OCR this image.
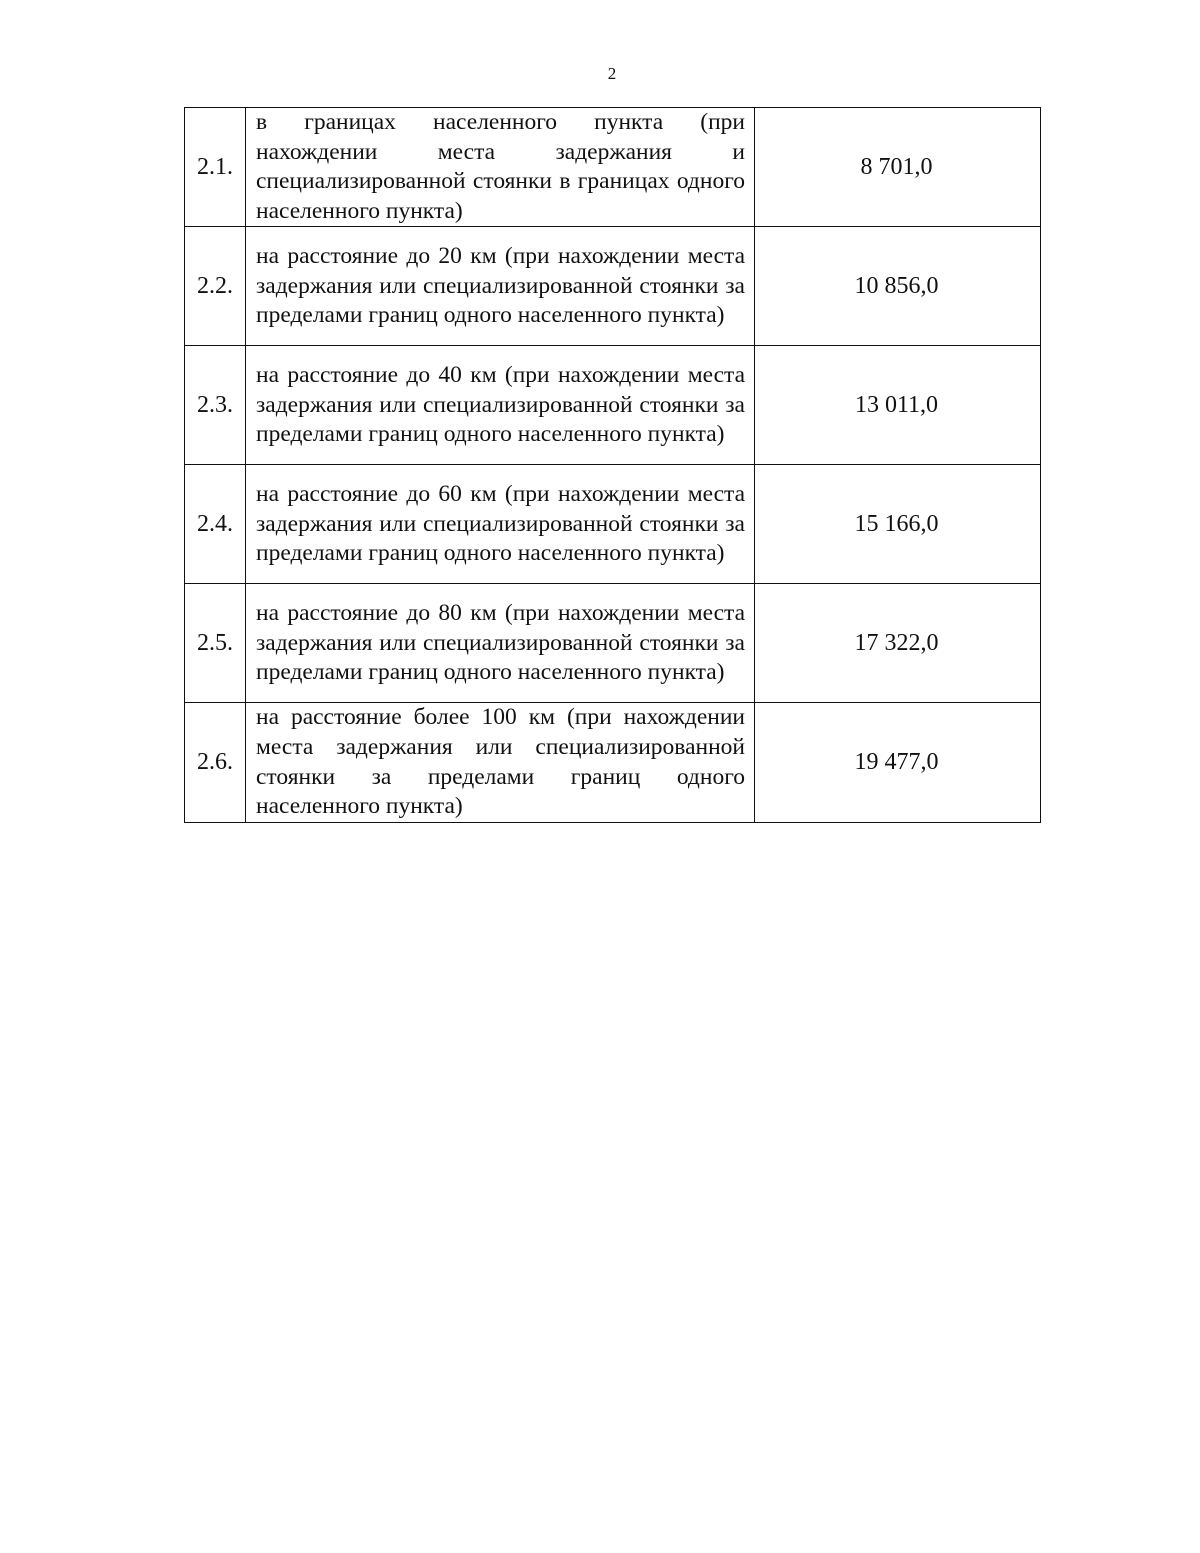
2
2.1.	в границах населенного пункта (при нахождении места задержания и специализированной стоянки в границах одного населенного пункта)	8 701,0
2.2.	на расстояние до 20 км (при нахождении места задержания или специализированной стоянки за пределами границ одного населенного пункта)	10 856,0
2.3.	на расстояние до 40 км (при нахождении места задержания или специализированной стоянки за пределами границ одного населенного пункта)	13 011,0
2.4.	на расстояние до 60 км (при нахождении места задержания или специализированной стоянки за пределами границ одного населенного пункта)	15 166,0
2.5.	на расстояние до 80 км (при нахождении места задержания или специализированной стоянки за пределами границ одного населенного пункта)	17 322,0
2.6.	на расстояние более 100 км (при нахождении места задержания или специализированной стоянки за пределами границ одного населенного пункта)	19 477,0
